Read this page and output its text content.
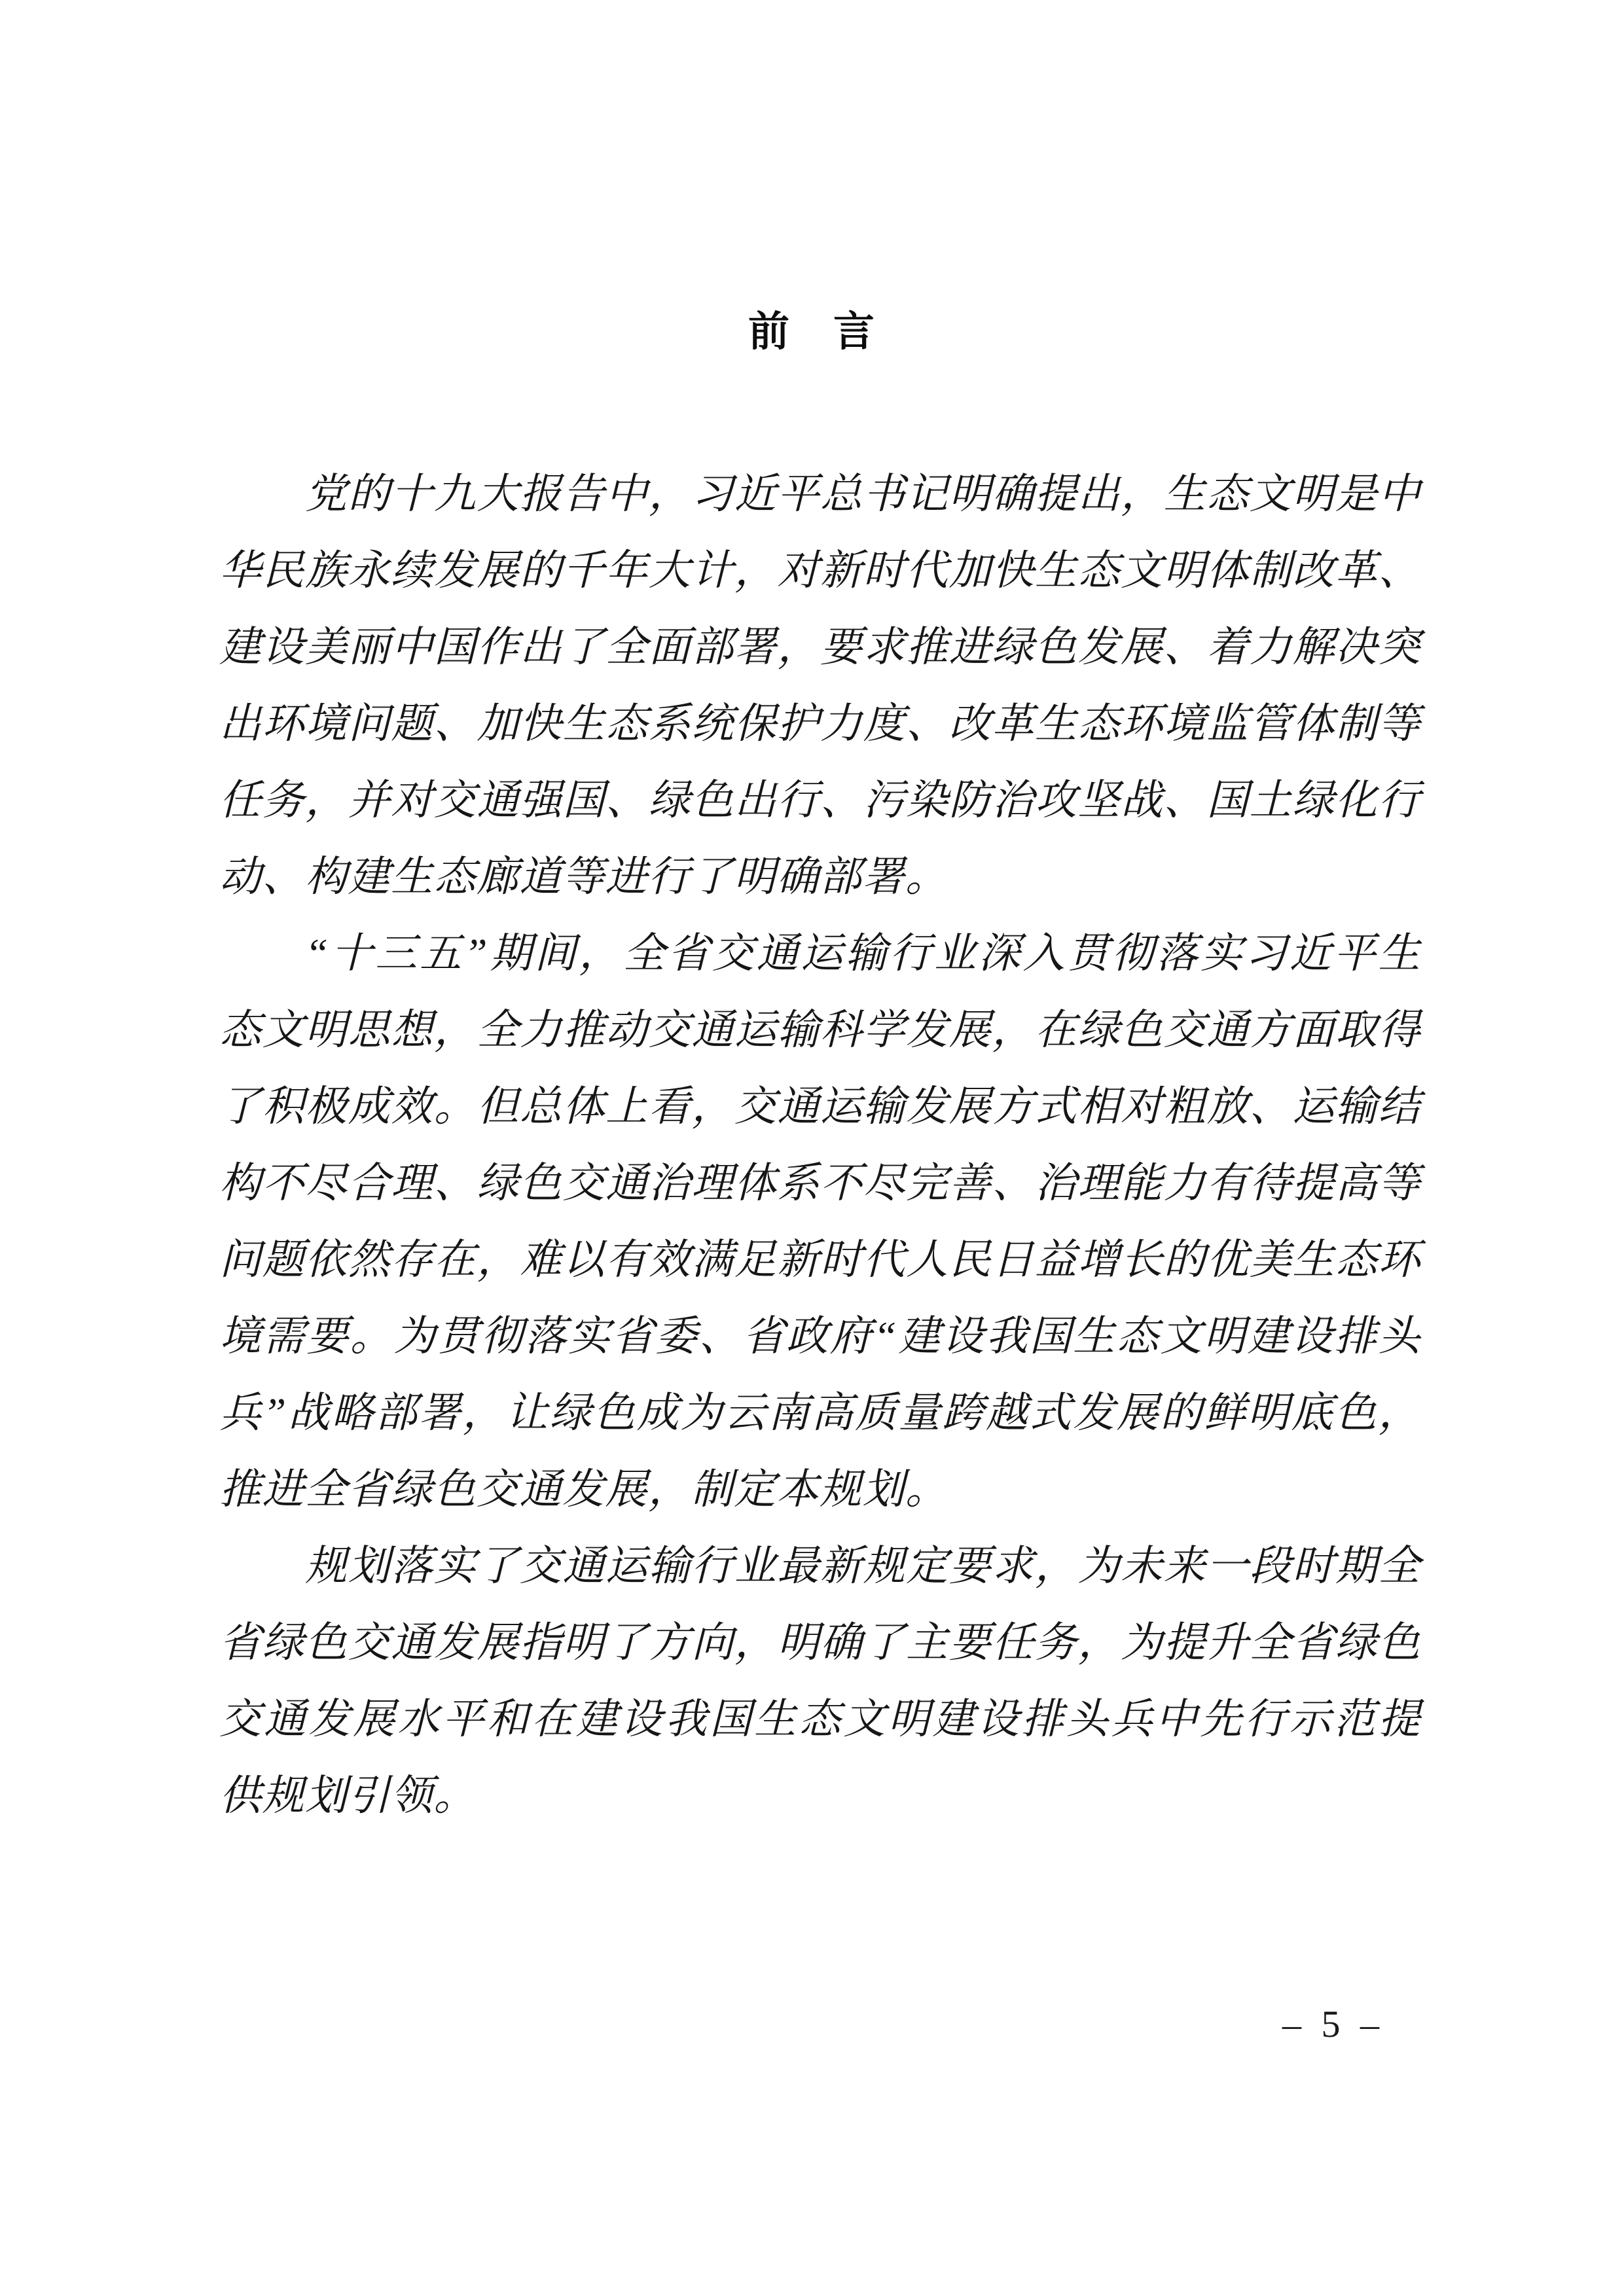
前　言
党的十九大报告中，习近平总书记明确提出，生态文明是中
华民族永续发展的千年大计，对新时代加快生态文明体制改革、
建设美丽中国作出了全面部署，要求推进绿色发展、着力解决突
出环境问题、加快生态系统保护力度、改革生态环境监管体制等
任务，并对交通强国、绿色出行、污染防治攻坚战、国土绿化行
动、构建生态廊道等进行了明确部署。
“十三五”期间，全省交通运输行业深入贯彻落实习近平生
态文明思想，全力推动交通运输科学发展，在绿色交通方面取得
了积极成效。但总体上看，交通运输发展方式相对粗放、运输结
构不尽合理、绿色交通治理体系不尽完善、治理能力有待提高等
问题依然存在，难以有效满足新时代人民日益增长的优美生态环
境需要。为贯彻落实省委、省政府“建设我国生态文明建设排头
兵”战略部署，让绿色成为云南高质量跨越式发展的鲜明底色，
推进全省绿色交通发展，制定本规划。
规划落实了交通运输行业最新规定要求，为未来一段时期全
省绿色交通发展指明了方向，明确了主要任务，为提升全省绿色
交通发展水平和在建设我国生态文明建设排头兵中先行示范提
供规划引领。
– 5 –
